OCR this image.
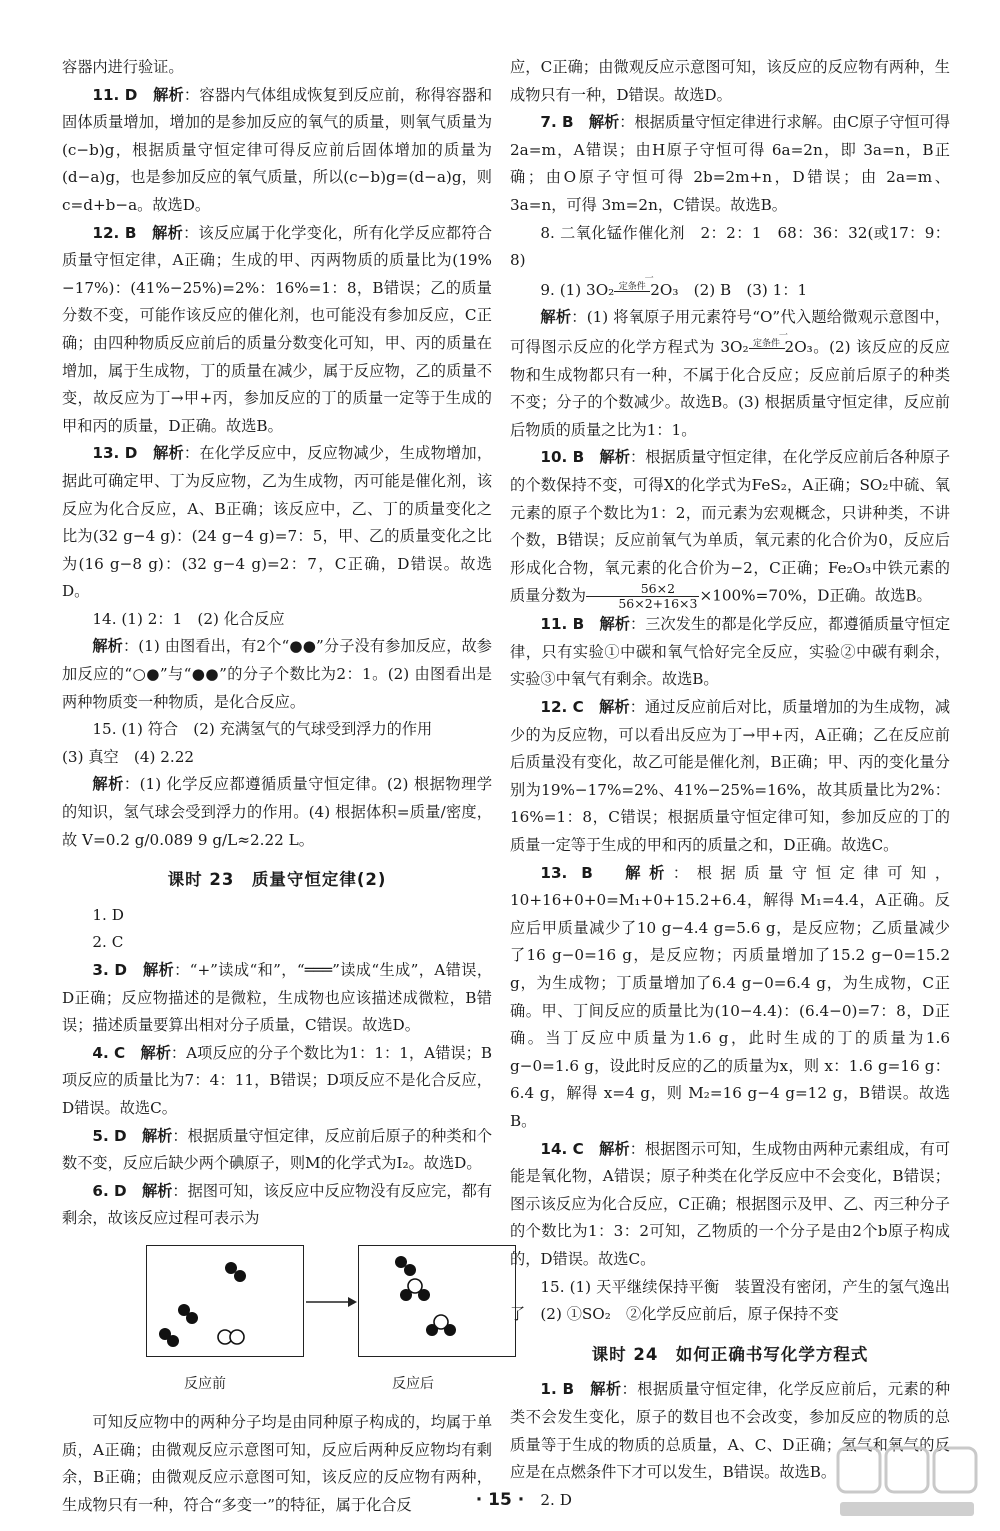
容器内进行验证。

11. D　 解析：容器内气体组成恢复到反应前，称得容器和固体质量增加，增加的是参加反应的氧气的质量，则氧气质量为(c−b)g，根据质量守恒定律可得反应前后固体增加的质量为(d−a)g，也是参加反应的氧气质量，所以(c−b)g=(d−a)g，则 c=d+b−a。故选D。

12. B　 解析：该反应属于化学变化，所有化学反应都符合质量守恒定律，A正确；生成的甲、丙两物质的质量比为(19%−17%)：(41%−25%)=2%：16%=1：8，B错误；乙的质量分数不变，可能作该反应的催化剂，也可能没有参加反应，C正确；由四种物质反应前后的质量分数变化可知，甲、丙的质量在增加，属于生成物，丁的质量在减少，属于反应物，乙的质量不变，故反应为丁→甲+丙，参加反应的丁的质量一定等于生成的甲和丙的质量，D正确。故选B。

13. D　 解析：在化学反应中，反应物减少，生成物增加，据此可确定甲、丁为反应物，乙为生成物，丙可能是催化剂，该反应为化合反应，A、B正确；该反应中，乙、丁的质量变化之比为(32 g−4 g)：(24 g−4 g)=7：5，甲、乙的质量变化之比为(16 g−8 g)：(32 g−4 g)=2：7，C正确，D错误。故选D。

14. (1) 2：1　(2) 化合反应

解析：(1) 由图看出，有2个“●●”分子没有参加反应，故参加反应的“○●”与“●●”的分子个数比为2：1。(2) 由图看出是两种物质变一种物质，是化合反应。

15. (1) 符合　(2) 充满氢气的气球受到浮力的作用

(3) 真空　(4) 2.22

解析：(1) 化学反应都遵循质量守恒定律。(2) 根据物理学的知识，氢气球会受到浮力的作用。(4) 根据体积=质量/密度，故 V=0.2 g/0.089 9 g/L≈2.22 L。

课时 23　质量守恒定律(2)

1. D

2. C

3. D　 解析：“+”读成“和”，“═══”读成“生成”，A错误，D正确；反应物描述的是微粒，生成物也应该描述成微粒，B错误；描述质量要算出相对分子质量，C错误。故选D。

4. C　 解析：A项反应的分子个数比为1：1：1，A错误；B项反应的质量比为7：4：11，B错误；D项反应不是化合反应，D错误。故选C。

5. D　 解析：根据质量守恒定律，反应前后原子的种类和个数不变，反应后缺少两个碘原子，则M的化学式为I₂。故选D。

6. D　 解析：据图可知，该反应中反应物没有反应完，都有剩余，故该反应过程可表示为

反应前	反应后

可知反应物中的两种分子均是由同种原子构成的，均属于单质，A正确；由微观反应示意图可知，反应后两种反应物均有剩余，B正确；由微观反应示意图可知，该反应的反应物有两种，生成物只有一种，符合“多变一”的特征，属于化合反

应，C正确；由微观反应示意图可知，该反应的反应物有两种，生成物只有一种，D错误。故选D。

7. B　 解析：根据质量守恒定律进行求解。由C原子守恒可得 2a=m，A错误；由H原子守恒可得 6a=2n，即 3a=n，B正确；由O原子守恒可得 2b=2m+n，D错误；由 2a=m、3a=n，可得 3m=2n，C错误。故选B。

8. 二氧化锰作催化剂　2：2：1　68：36：32(或17：9：8)

9. (1) 3O₂
一定条件 2O₃　(2) B　(3) 1：1

解析：(1) 将氧原子用元素符号“O”代入题给微观示意图中，可得图示反应的化学方程式为 3O₂
一定条件 2O₃。(2) 该反应的反应物和生成物都只有一种，不属于化合反应；反应前后原子的种类不变；分子的个数减少。故选B。(3) 根据质量守恒定律，反应前后物质的质量之比为1：1。

10. B　 解析：根据质量守恒定律，在化学反应前后各种原子的个数保持不变，可得X的化学式为FeS₂，A正确；SO₂中硫、氧元素的原子个数比为1：2，而元素为宏观概念，只讲种类，不讲个数，B错误；反应前氧气为单质，氧元素的化合价为0，反应后形成化合物，氧元素的化合价为−2，C正确；Fe₂O₃中铁元素的质量分数为 $\frac{56\times 2}{56\times 2+16\times 3} \times 100\%=70\%$，D正确。故选B。

11. B　 解析：三次发生的都是化学反应，都遵循质量守恒定律，只有实验①中碳和氧气恰好完全反应，实验②中碳有剩余，实验③中氧气有剩余。故选B。

12. C　 解析：通过反应前后对比，质量增加的为生成物，减少的为反应物，可以看出反应为丁→甲+丙，A正确；乙在反应前后质量没有变化，故乙可能是催化剂，B正确；甲、丙的变化量分别为19%−17%=2%、41%−25%=16%，故其质量比为2%：16%=1：8，C错误；根据质量守恒定律可知，参加反应的丁的质量一定等于生成的甲和丙的质量之和，D正确。故选C。

13. B　 解析：根据质量守恒定律可知，10+16+0+0=M₁+0+15.2+6.4，解得 M₁=4.4，A正确。反应后甲质量减少了10 g−4.4 g=5.6 g，是反应物；乙质量减少了16 g−0=16 g，是反应物；丙质量增加了15.2 g−0=15.2 g，为生成物；丁质量增加了6.4 g−0=6.4 g，为生成物，C正确。甲、丁间反应的质量比为(10−4.4)：(6.4−0)=7：8，D正确。当丁反应中质量为1.6 g，此时生成的丁的质量为1.6 g−0=1.6 g，设此时反应的乙的质量为x，则 x：1.6 g=16 g：6.4 g，解得 x=4 g，则 M₂=16 g−4 g=12 g，B错误。故选B。

14. C　 解析：根据图示可知，生成物由两种元素组成，有可能是氧化物，A错误；原子种类在化学反应中不会变化，B错误；图示该反应为化合反应，C正确；根据图示及甲、乙、丙三种分子的个数比为1：3：2可知，乙物质的一个分子是由2个b原子构成的，D错误。故选C。

15. (1) 天平继续保持平衡　装置没有密闭，产生的氢气逸出了　(2) ①SO₂　②化学反应前后，原子保持不变

课时 24　如何正确书写化学方程式

1. B　 解析：根据质量守恒定律，化学反应前后，元素的种类不会发生变化，原子的数目也不会改变，参加反应的物质的总质量等于生成的物质的总质量，A、C、D正确；氢气和氧气的反应是在点燃条件下才可以发生，B错误。故选B。

2. D

· 15 ·
